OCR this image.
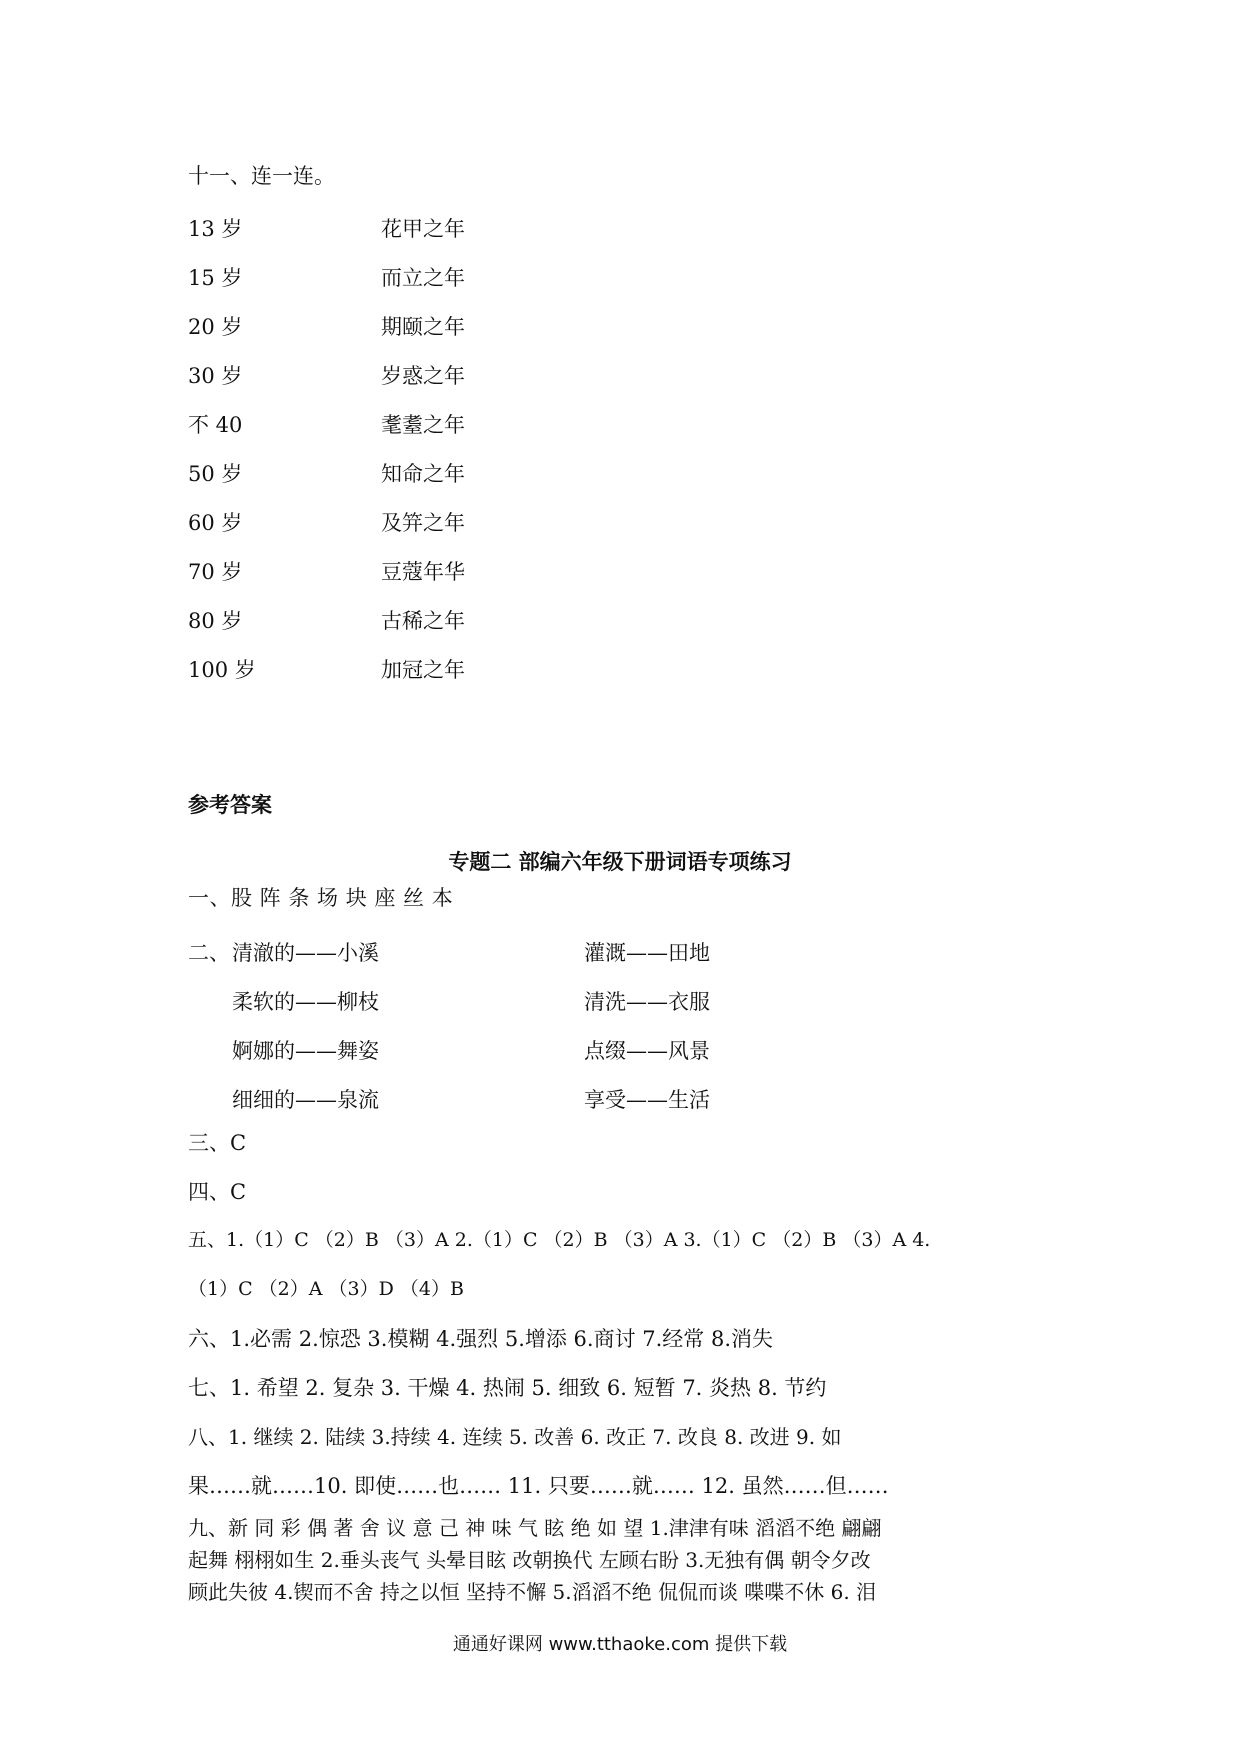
十一、连一连。
13 岁	花甲之年
15 岁	而立之年
20 岁	期颐之年
30 岁	岁惑之年
不 40	耄耋之年
50 岁	知命之年
60 岁	及笄之年
70 岁	豆蔻年华
80 岁	古稀之年
100 岁	加冠之年
参考答案
专题二 部编六年级下册词语专项练习
一、股 阵 条 场 块 座 丝 本
二、 清澈的——小溪	灌溉——田地
柔软的——柳枝	清洗——衣服
婀娜的——舞姿	点缀——风景
细细的——泉流	享受——生活
三、C
四、C
五、1.（1）C （2）B （3）A 2.（1）C （2）B （3）A 3.（1）C （2）B （3）A 4.
（1）C （2）A （3）D （4）B
六、1.必需 2.惊恐 3.模糊 4.强烈 5.增添 6.商讨 7.经常 8.消失
七、1. 希望 2. 复杂 3. 干燥 4. 热闹 5. 细致 6. 短暂 7. 炎热 8. 节约
八、1. 继续 2. 陆续 3.持续 4. 连续 5. 改善 6. 改正 7. 改良 8. 改进 9. 如
果……就……10. 即使……也…… 11. 只要……就…… 12. 虽然……但……
九、新 同 彩 偶 著 舍 议 意 己 神 味 气 眩 绝 如 望 1.津津有味 滔滔不绝 翩翩
起舞 栩栩如生 2.垂头丧气 头晕目眩 改朝换代 左顾右盼 3.无独有偶 朝令夕改
顾此失彼 4.锲而不舍 持之以恒 坚持不懈 5.滔滔不绝 侃侃而谈 喋喋不休 6. 泪
通通好课网 www.tthaoke.com 提供下载
